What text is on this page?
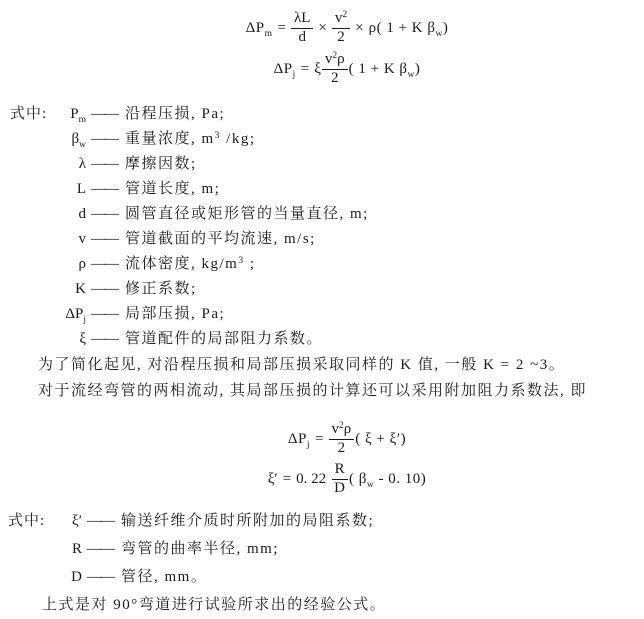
$\Delta P_m = \frac{\lambda L}{d} \times \frac{v^2}{2} \times \rho$( 1 + K $\beta_w$)
$\Delta P_j = \xi \frac{v^2\rho}{2}$ ( 1 + K $\beta_w$)
式中:	$P_m$ —— 沿程压损, Pa;
$\beta_w$ —— 重量浓度, $m^3$ /kg;
λ —— 摩擦因数;
L —— 管道长度, m;
d —— 圆管直径或矩形管的当量直径, m;
v —— 管道截面的平均流速, m/s;
ρ —— 流体密度, $kg/m^3$ ;
K —— 修正系数;
$\Delta P_j$ —— 局部压损, Pa;
ξ —— 管道配件的局部阻力系数。
为了简化起见, 对沿程压损和局部压损采取同样的 K 值, 一般 K = 2 ~3。
对于流经弯管的两相流动, 其局部压损的计算还可以采用附加阻力系数法, 即
$\Delta P_j = \frac{v^2\rho}{2}$ ( ξ + ξ′)
ξ′ = 0. $22 \frac{R}{D}$ ( $\beta_w - 0$. 10)
式中:	ξ′ —— 输送纤维介质时所附加的局阻系数;
R —— 弯管的曲率半径, mm;
D —— 管径, mm。
上式是对 90°弯道进行试验所求出的经验公式。
